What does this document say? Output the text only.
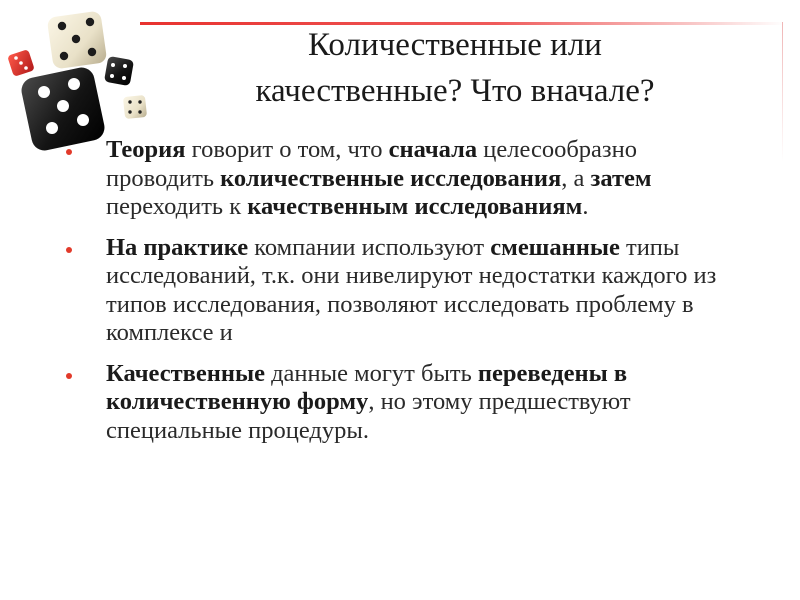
Количественные или
качественные? Что вначале?
Теория говорит о том, что сначала целесообразно проводить количественные исследования, а затем переходить к качественным исследованиям.
На практике компании используют смешанные типы исследований, т.к. они нивелируют недостатки каждого из типов исследования, позволяют исследовать проблему в комплексе и
Качественные данные могут быть переведены в количественную форму, но этому предшествуют специальные процедуры.
